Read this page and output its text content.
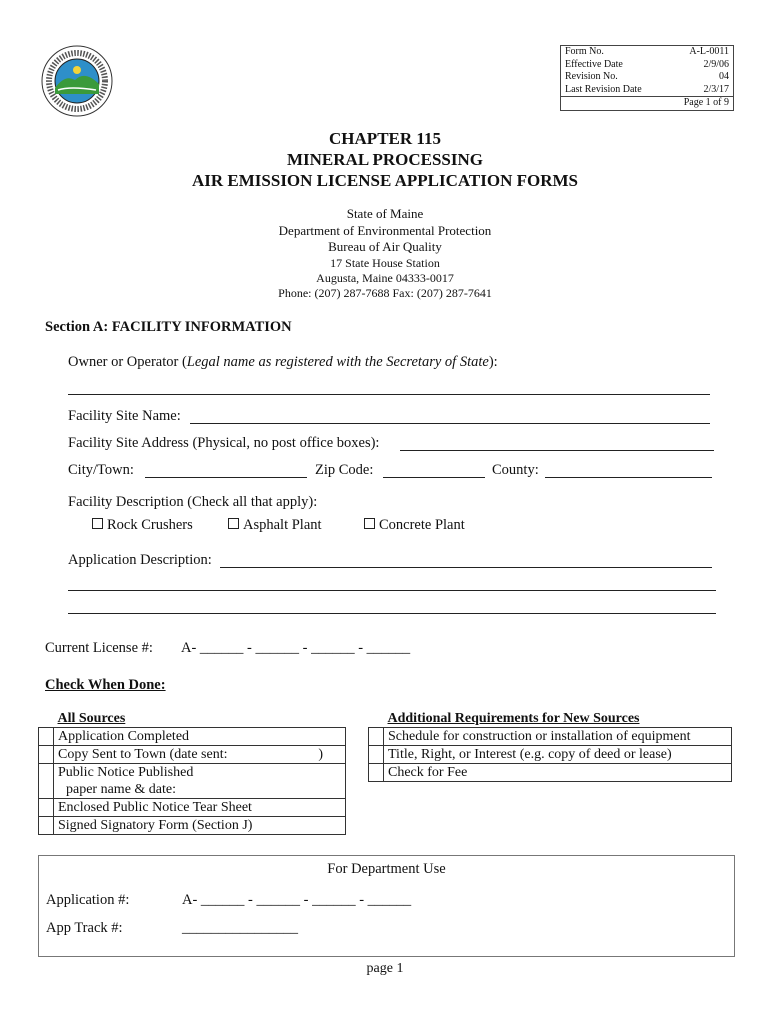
Form No.	A-L-0011
Effective Date	2/9/06
Revision No.	04
Last Revision Date	2/3/17
Page 1 of 9
CHAPTER 115
MINERAL PROCESSING
AIR EMISSION LICENSE APPLICATION FORMS
State of Maine
Department of Environmental Protection
Bureau of Air Quality
17 State House Station
Augusta, Maine 04333-0017
Phone: (207) 287-7688 Fax: (207) 287-7641
Section A: FACILITY INFORMATION
Owner or Operator (Legal name as registered with the Secretary of State):
Facility Site Name:
Facility Site Address (Physical, no post office boxes):
City/Town:	Zip Code:	County:
Facility Description (Check all that apply):
Rock Crushers	Asphalt Plant	Concrete Plant
Application Description:
Current License #: A- ______ - ______ - ______ - ______
Check When Done:
	All Sources
	Application Completed
	Copy Sent to Town (date sent: )

	Public Notice Published
	paper name & date:
	Enclosed Public Notice Tear Sheet
	Signed Signatory Form (Section J)
	Additional Requirements for New Sources
	Schedule for construction or installation of equipment
	Title, Right, or Interest (e.g. copy of deed or lease)
	Check for Fee
For Department Use
Application #:	A- ______ - ______ - ______ - ______
App Track #:	________________
page 1
